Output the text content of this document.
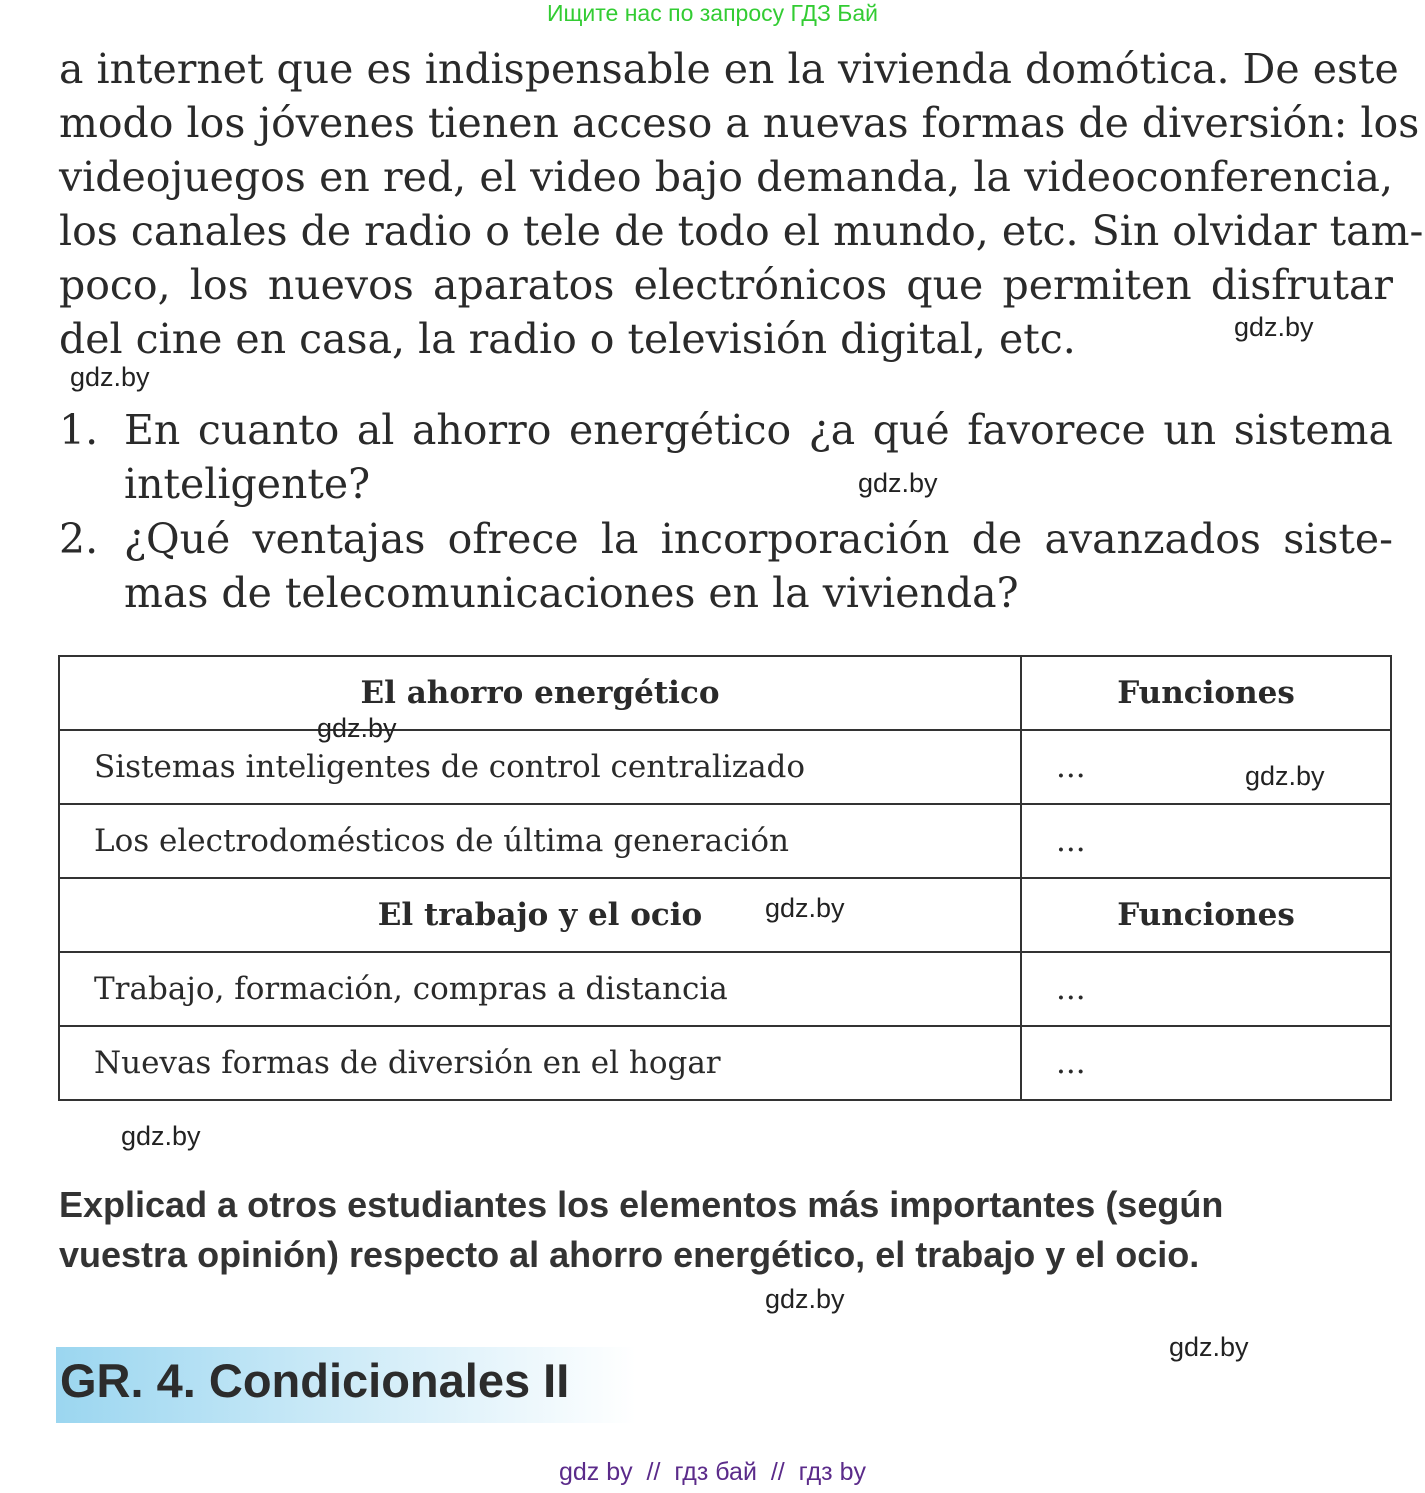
Ищите нас по запросу ГДЗ Бай
a internet que es indispensable en la vivienda domótica. De este
modo los jóvenes tienen acceso a nuevas formas de diversión: los
videojuegos en red, el video bajo demanda, la videoconferencia,
los canales de radio o tele de todo el mundo, etc. Sin olvidar tam-
poco, los nuevos aparatos electrónicos que permiten disfrutar
del cine en casa, la radio o televisión digital, etc.
1. En cuanto al ahorro energético ¿a qué favorece un sistema
inteligente?
2. ¿Qué ventajas ofrece la incorporación de avanzados siste-
mas de telecomunicaciones en la vivienda?
El ahorro energético	Funciones
Sistemas inteligentes de control centralizado	...
Los electrodomésticos de última generación	...
El trabajo y el ocio	Funciones
Trabajo, formación, compras a distancia	...
Nuevas formas de diversión en el hogar	...
Explicad a otros estudiantes los elementos más importantes (según
vuestra opinión) respecto al ahorro energético, el trabajo y el ocio.
GR. 4. Condicionales II
gdz.by
gdz.by
gdz.by
gdz.by
gdz.by
gdz.by
gdz.by
gdz.by
gdz.by
gdz by  //  гдз бай  //  гдз by
